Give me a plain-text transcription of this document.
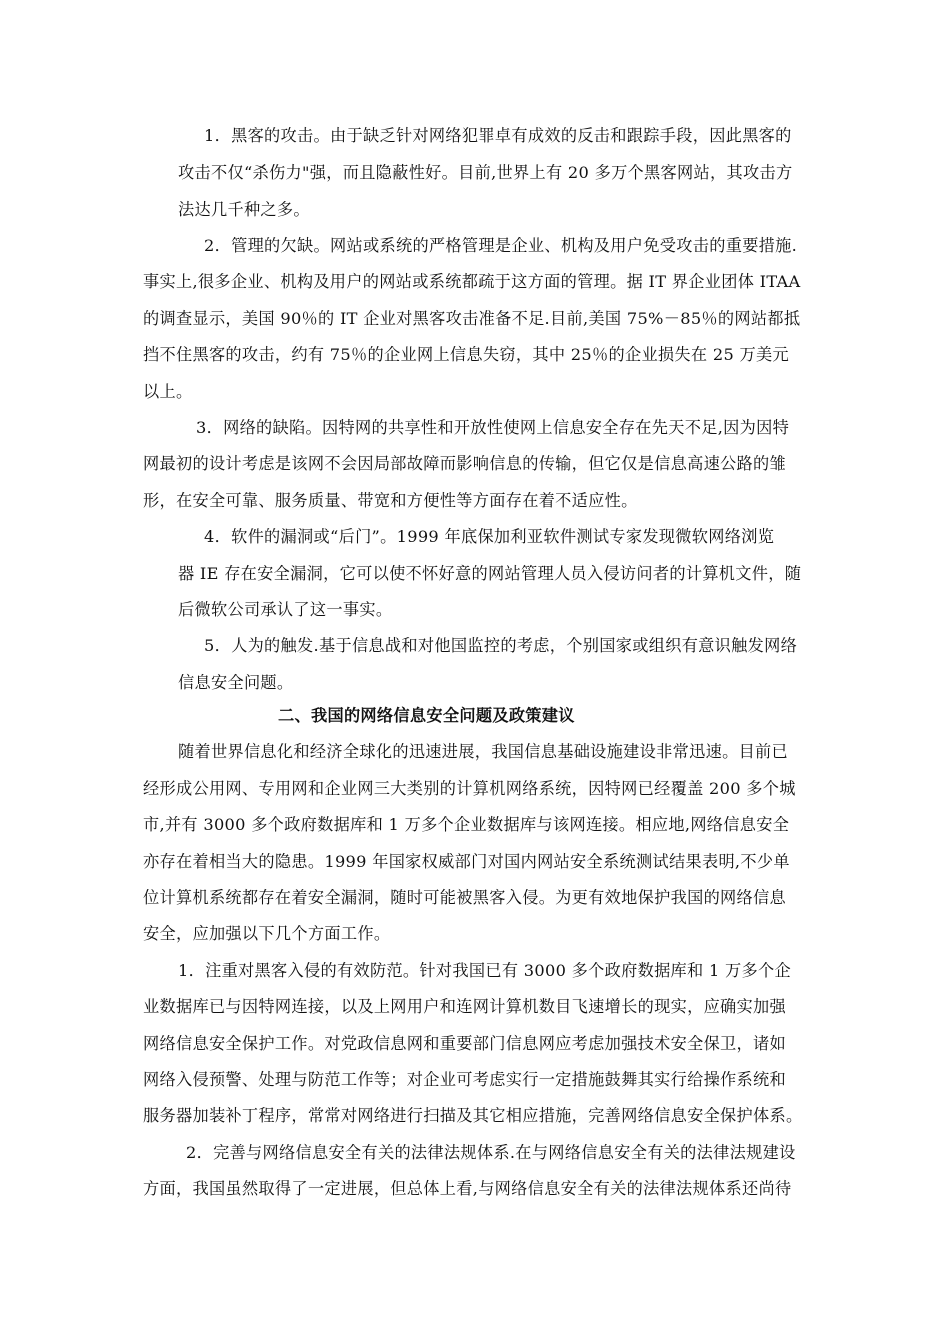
1．黑客的攻击。由于缺乏针对网络犯罪卓有成效的反击和跟踪手段，因此黑客的
攻击不仅“杀伤力"强，而且隐蔽性好。目前,世界上有 20 多万个黑客网站，其攻击方
法达几千种之多。
2．管理的欠缺。网站或系统的严格管理是企业、机构及用户免受攻击的重要措施.
事实上,很多企业、机构及用户的网站或系统都疏于这方面的管理。据 IT 界企业团体 ITAA
的调查显示，美国 90％的 IT 企业对黑客攻击准备不足.目前,美国 75%－85％的网站都抵
挡不住黑客的攻击，约有 75％的企业网上信息失窃，其中 25％的企业损失在 25 万美元
以上。
3．网络的缺陷。因特网的共享性和开放性使网上信息安全存在先天不足,因为因特
网最初的设计考虑是该网不会因局部故障而影响信息的传输，但它仅是信息高速公路的雏
形，在安全可靠、服务质量、带宽和方便性等方面存在着不适应性。
4．软件的漏洞或“后门”。1999 年底保加利亚软件测试专家发现微软网络浏览
器 IE 存在安全漏洞，它可以使不怀好意的网站管理人员入侵访问者的计算机文件，随
后微软公司承认了这一事实。
5．人为的触发.基于信息战和对他国监控的考虑，个别国家或组织有意识触发网络
信息安全问题。
二、我国的网络信息安全问题及政策建议
随着世界信息化和经济全球化的迅速进展，我国信息基础设施建设非常迅速。目前已
经形成公用网、专用网和企业网三大类别的计算机网络系统，因特网已经覆盖 200 多个城
市,并有 3000 多个政府数据库和 1 万多个企业数据库与该网连接。相应地,网络信息安全
亦存在着相当大的隐患。1999 年国家权威部门对国内网站安全系统测试结果表明,不少单
位计算机系统都存在着安全漏洞，随时可能被黑客入侵。为更有效地保护我国的网络信息
安全，应加强以下几个方面工作。
1．注重对黑客入侵的有效防范。针对我国已有 3000 多个政府数据库和 1 万多个企
业数据库已与因特网连接，以及上网用户和连网计算机数目飞速增长的现实，应确实加强
网络信息安全保护工作。对党政信息网和重要部门信息网应考虑加强技术安全保卫，诸如
网络入侵预警、处理与防范工作等；对企业可考虑实行一定措施鼓舞其实行给操作系统和
服务器加装补丁程序，常常对网络进行扫描及其它相应措施，完善网络信息安全保护体系。
2．完善与网络信息安全有关的法律法规体系.在与网络信息安全有关的法律法规建设
方面，我国虽然取得了一定进展，但总体上看,与网络信息安全有关的法律法规体系还尚待
